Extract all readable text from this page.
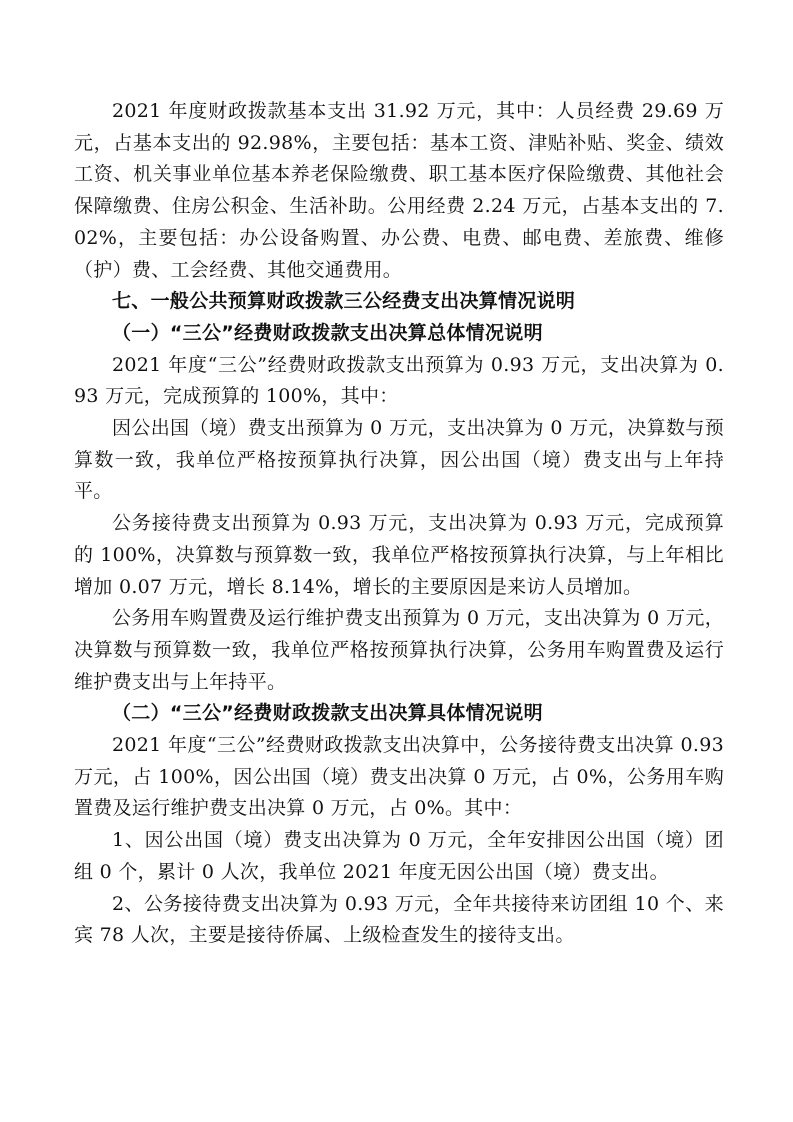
2021 年度财政拨款基本支出 31.92 万元，其中：人员经费 29.69 万元，占基本支出的 92.98%，主要包括：基本工资、津贴补贴、奖金、绩效工资、机关事业单位基本养老保险缴费、职工基本医疗保险缴费、其他社会保障缴费、住房公积金、生活补助。公用经费 2.24 万元，占基本支出的 7.02%，主要包括：办公设备购置、办公费、电费、邮电费、差旅费、维修（护）费、工会经费、其他交通费用。

七、一般公共预算财政拨款三公经费支出决算情况说明

（一）“三公”经费财政拨款支出决算总体情况说明

2021 年度“三公”经费财政拨款支出预算为 0.93 万元，支出决算为 0.93 万元，完成预算的 100%，其中：

因公出国（境）费支出预算为 0 万元，支出决算为 0 万元，决算数与预算数一致，我单位严格按预算执行决算，因公出国（境）费支出与上年持平。

公务接待费支出预算为 0.93 万元，支出决算为 0.93 万元，完成预算的 100%，决算数与预算数一致，我单位严格按预算执行决算，与上年相比增加 0.07 万元，增长 8.14%，增长的主要原因是来访人员增加。

公务用车购置费及运行维护费支出预算为 0 万元，支出决算为 0 万元，决算数与预算数一致，我单位严格按预算执行决算，公务用车购置费及运行维护费支出与上年持平。

（二）“三公”经费财政拨款支出决算具体情况说明

2021 年度“三公”经费财政拨款支出决算中，公务接待费支出决算 0.93 万元，占 100%，因公出国（境）费支出决算 0 万元，占 0%，公务用车购置费及运行维护费支出决算 0 万元，占 0%。其中：

1、因公出国（境）费支出决算为 0 万元，全年安排因公出国（境）团组 0 个，累计 0 人次，我单位 2021 年度无因公出国（境）费支出。

2、公务接待费支出决算为 0.93 万元，全年共接待来访团组 10 个、来宾 78 人次，主要是接待侨属、上级检查发生的接待支出。
